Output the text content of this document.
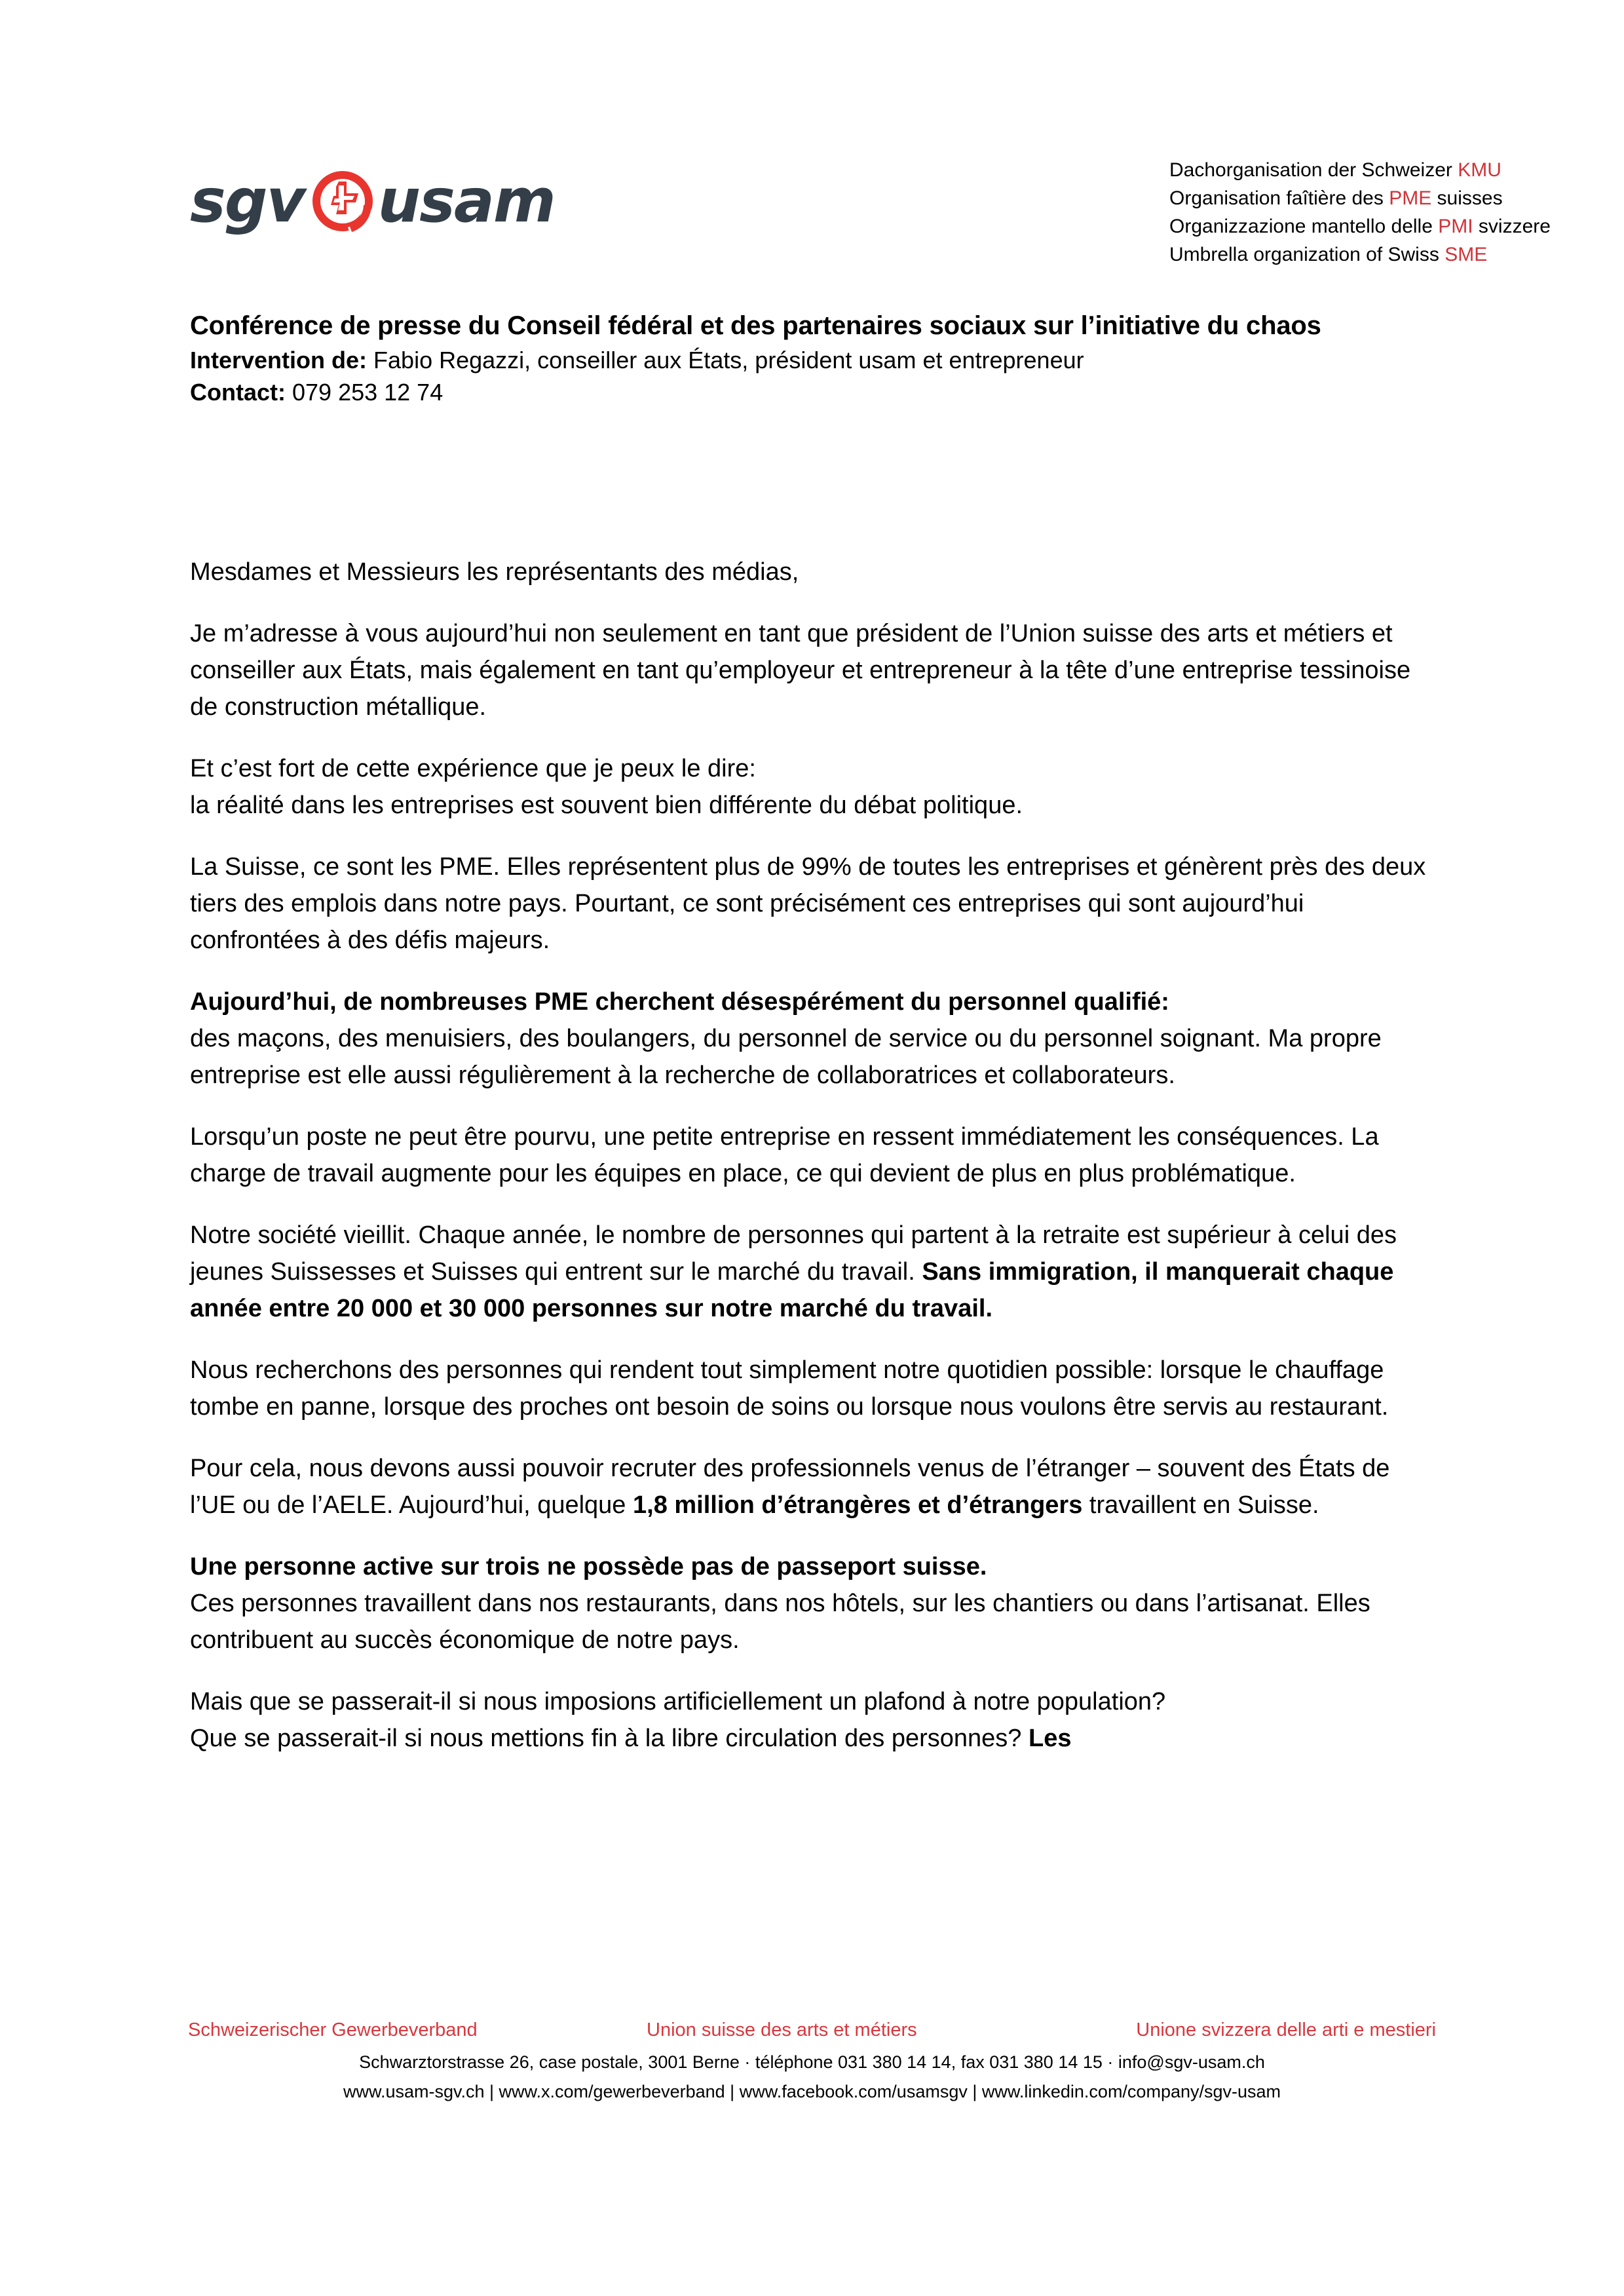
sgv usam	Dachorganisation der Schweizer KMU
Organisation faîtière des PME suisses
Organizzazione mantello delle PMI svizzere
Umbrella organization of Swiss SME

Conférence de presse du Conseil fédéral et des partenaires sociaux sur l’initiative du chaos

Intervention de: Fabio Regazzi, conseiller aux États, président usam et entrepreneur

Contact: 079 253 12 74

Mesdames et Messieurs les représentants des médias,

Je m’adresse à vous aujourd’hui non seulement en tant que président de l’Union suisse des arts et métiers et conseiller aux États, mais également en tant qu’employeur et entrepreneur à la tête d’une entreprise tessinoise de construction métallique.

Et c’est fort de cette expérience que je peux le dire:
la réalité dans les entreprises est souvent bien différente du débat politique.

La Suisse, ce sont les PME. Elles représentent plus de 99% de toutes les entreprises et génèrent près des deux tiers des emplois dans notre pays. Pourtant, ce sont précisément ces entreprises qui sont aujourd’hui confrontées à des défis majeurs.

Aujourd’hui, de nombreuses PME cherchent désespérément du personnel qualifié:
des maçons, des menuisiers, des boulangers, du personnel de service ou du personnel soignant. Ma propre entreprise est elle aussi régulièrement à la recherche de collaboratrices et collaborateurs.

Lorsqu’un poste ne peut être pourvu, une petite entreprise en ressent immédiatement les conséquences. La charge de travail augmente pour les équipes en place, ce qui devient de plus en plus problématique.

Notre société vieillit. Chaque année, le nombre de personnes qui partent à la retraite est supérieur à celui des jeunes Suissesses et Suisses qui entrent sur le marché du travail. Sans immigration, il manquerait chaque année entre 20 000 et 30 000 personnes sur notre marché du travail.

Nous recherchons des personnes qui rendent tout simplement notre quotidien possible: lorsque le chauffage tombe en panne, lorsque des proches ont besoin de soins ou lorsque nous voulons être servis au restaurant.

Pour cela, nous devons aussi pouvoir recruter des professionnels venus de l’étranger – souvent des États de l’UE ou de l’AELE. Aujourd’hui, quelque 1,8 million d’étrangères et d’étrangers travaillent en Suisse.

Une personne active sur trois ne possède pas de passeport suisse.
Ces personnes travaillent dans nos restaurants, dans nos hôtels, sur les chantiers ou dans l’artisanat. Elles contribuent au succès économique de notre pays.

Mais que se passerait-il si nous imposions artificiellement un plafond à notre population?
Que se passerait-il si nous mettions fin à la libre circulation des personnes? Les

Schweizerischer Gewerbeverband	Union suisse des arts et métiers	Unione svizzera delle arti e mestieri
Schwarztorstrasse 26, case postale, 3001 Berne · téléphone 031 380 14 14, fax 031 380 14 15 · info@sgv-usam.ch
www.usam-sgv.ch | www.x.com/gewerbeverband | www.facebook.com/usamsgv | www.linkedin.com/company/sgv-usam
